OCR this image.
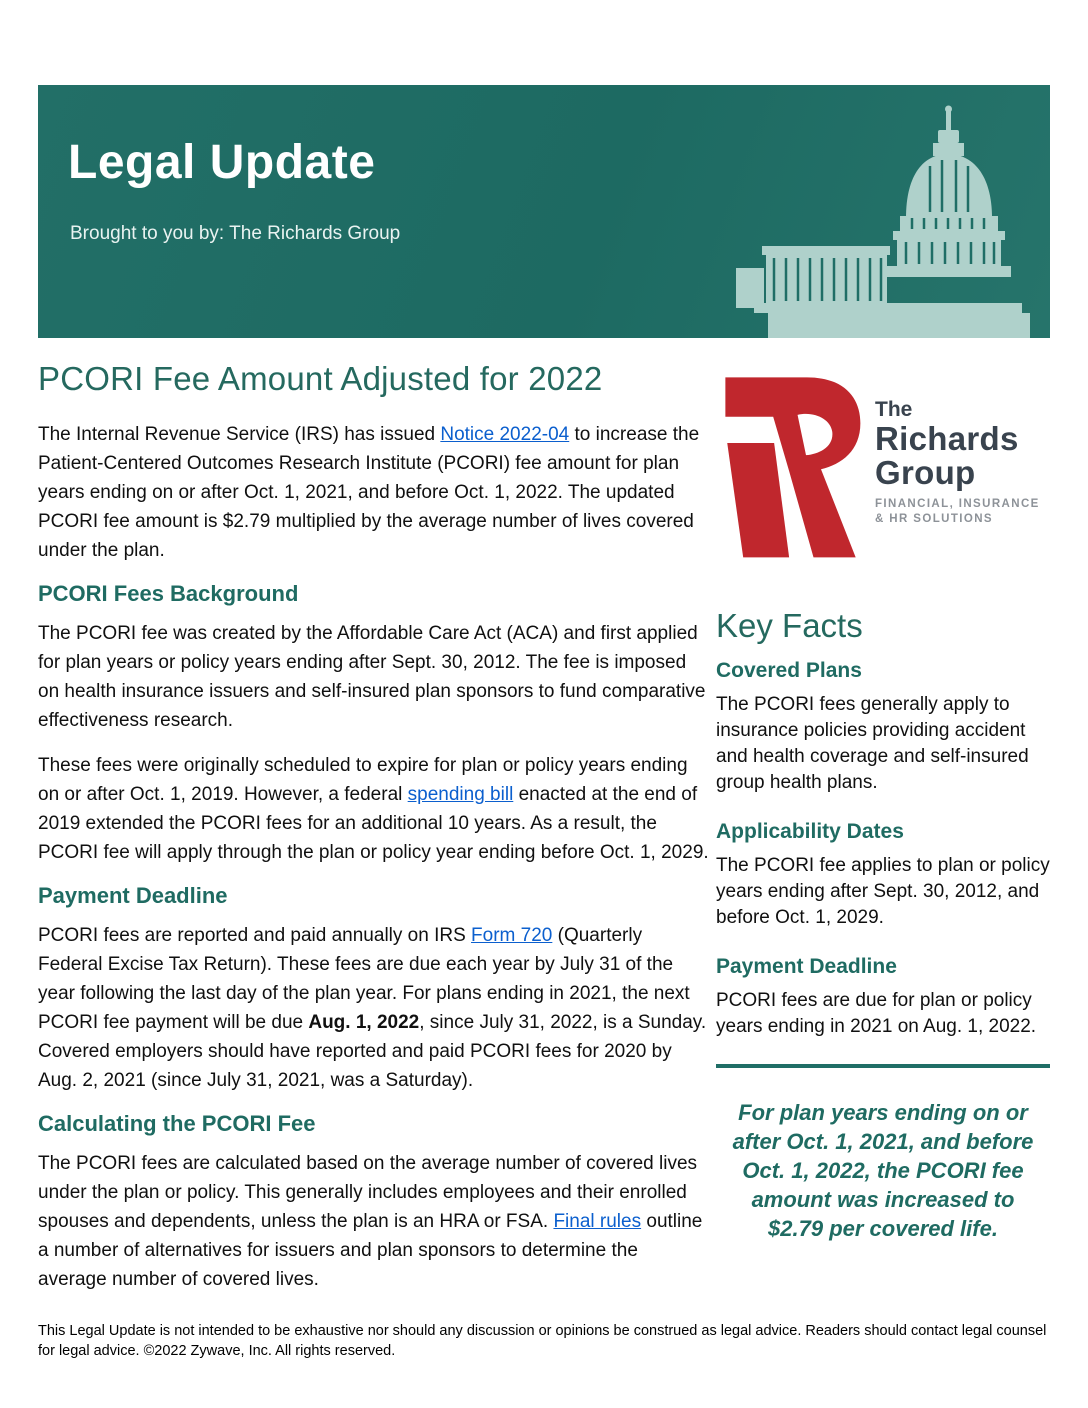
Legal Update
Brought to you by: The Richards Group
PCORI Fee Amount Adjusted for 2022

The Internal Revenue Service (IRS) has issued Notice 2022-04 to increase the Patient-Centered Outcomes Research Institute (PCORI) fee amount for plan years ending on or after Oct. 1, 2021, and before Oct. 1, 2022. The updated PCORI fee amount is $2.79 multiplied by the average number of lives covered under the plan.

PCORI Fees Background

The PCORI fee was created by the Affordable Care Act (ACA) and first applied for plan years or policy years ending after Sept. 30, 2012. The fee is imposed on health insurance issuers and self-insured plan sponsors to fund comparative effectiveness research.

These fees were originally scheduled to expire for plan or policy years ending on or after Oct. 1, 2019. However, a federal spending bill enacted at the end of 2019 extended the PCORI fees for an additional 10 years. As a result, the PCORI fee will apply through the plan or policy year ending before Oct. 1, 2029.

Payment Deadline

PCORI fees are reported and paid annually on IRS Form 720 (Quarterly Federal Excise Tax Return). These fees are due each year by July 31 of the year following the last day of the plan year. For plans ending in 2021, the next PCORI fee payment will be due Aug. 1, 2022, since July 31, 2022, is a Sunday. Covered employers should have reported and paid PCORI fees for 2020 by Aug. 2, 2021 (since July 31, 2021, was a Saturday).

Calculating the PCORI Fee

The PCORI fees are calculated based on the average number of covered lives under the plan or policy. This generally includes employees and their enrolled spouses and dependents, unless the plan is an HRA or FSA. Final rules outline a number of alternatives for issuers and plan sponsors to determine the average number of covered lives.

The
Richards
Group
FINANCIAL, INSURANCE
& HR SOLUTIONS
Key Facts
Covered Plans
The PCORI fees generally apply to insurance policies providing accident and health coverage and self-insured group health plans.
Applicability Dates
The PCORI fee applies to plan or policy years ending after Sept. 30, 2012, and before Oct. 1, 2029.
Payment Deadline
PCORI fees are due for plan or policy years ending in 2021 on Aug. 1, 2022.
For plan years ending on or after Oct. 1, 2021, and before Oct. 1, 2022, the PCORI fee amount was increased to $2.79 per covered life.
This Legal Update is not intended to be exhaustive nor should any discussion or opinions be construed as legal advice. Readers should contact legal counsel for legal advice. ©2022 Zywave, Inc. All rights reserved.
